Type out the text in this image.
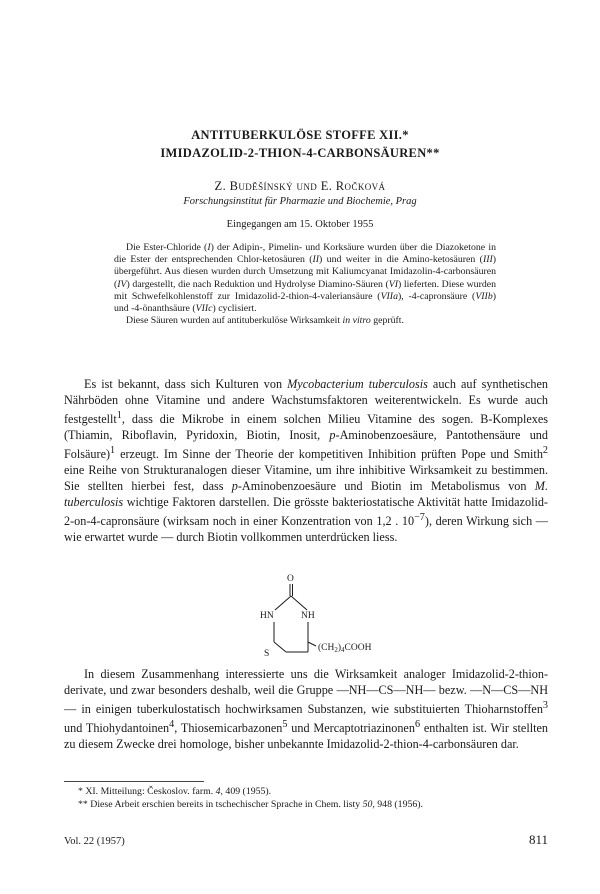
ANTITUBERKULÖSE STOFFE XII.*
IMIDAZOLID-2-THION-4-CARBONSÄUREN**
Z. Buděšínský und E. Ročková
Forschungsinstitut für Pharmazie und Biochemie, Prag
Eingegangen am 15. Oktober 1955

Die Ester-Chloride (I) der Adipin-, Pimelin- und Korksäure wurden über die Diazoketone in die Ester der entsprechenden Chlor-ketosäuren (II) und weiter in die Amino-ketosäuren (III) übergeführt. Aus diesen wurden durch Umsetzung mit Kaliumcyanat Imidazolin-4-carbonsäuren (IV) dargestellt, die nach Reduktion und Hydrolyse Diamino-Säuren (VI) lieferten. Diese wurden mit Schwefelkohlenstoff zur Imidazolid-2-thion-4-valeriansäure (VIIa), -4-capronsäure (VIIb) und -4-önanthsäure (VIIc) cyclisiert.

Diese Säuren wurden auf antituberkulöse Wirksamkeit in vitro geprüft.

Es ist bekannt, dass sich Kulturen von Mycobacterium tuberculosis auch auf synthetischen Nährböden ohne Vitamine und andere Wachstumsfaktoren weiterentwickeln. Es wurde auch festgestellt$^1$, dass die Mikrobe in einem solchen Milieu Vitamine des sogen. B-Komplexes (Thiamin, Riboflavin, Pyridoxin, Biotin, Inosit, p-Aminobenzoesäure, Pantothensäure und Folsäure)$^1$ erzeugt. Im Sinne der Theorie der kompetitiven Inhibition prüften Pope und Smith$^2$ eine Reihe von Strukturanalogen dieser Vitamine, um ihre inhibitive Wirksamkeit zu bestimmen. Sie stellten hierbei fest, dass p-Aminobenzoesäure und Biotin im Metabolismus von M. tuberculosis wichtige Faktoren darstellen. Die grösste bakteriostatische Aktivität hatte Imidazolid-2-on-4-capronsäure (wirksam noch in einer Konzentration von 1,2 . $10^{-7}$), deren Wirkung sich — wie erwartet wurde — durch Biotin vollkommen unterdrücken liess.

O
HN	NH
S
$(CH_2)_4COOH$

In diesem Zusammenhang interessierte uns die Wirksamkeit analoger Imidazolid-2-thion-derivate, und zwar besonders deshalb, weil die Gruppe —NH—CS—NH— bezw. —N—CS—NH— in einigen tuberkulostatisch hochwirksamen Substanzen, wie substituierten Thioharnstoffen$^3$ und Thiohydantoinen$^4$, Thiosemicarbazonen$^5$ und Mercaptotriazinonen$^6$ enthalten ist. Wir stellten zu diesem Zwecke drei homologe, bisher unbekannte Imidazolid-2-thion-4-carbonsäuren dar.

* XI. Mitteilung: Českoslov. farm. 4, 409 (1955).
** Diese Arbeit erschien bereits in tschechischer Sprache in Chem. listy 50, 948 (1956).
Vol. 22 (1957)	811
